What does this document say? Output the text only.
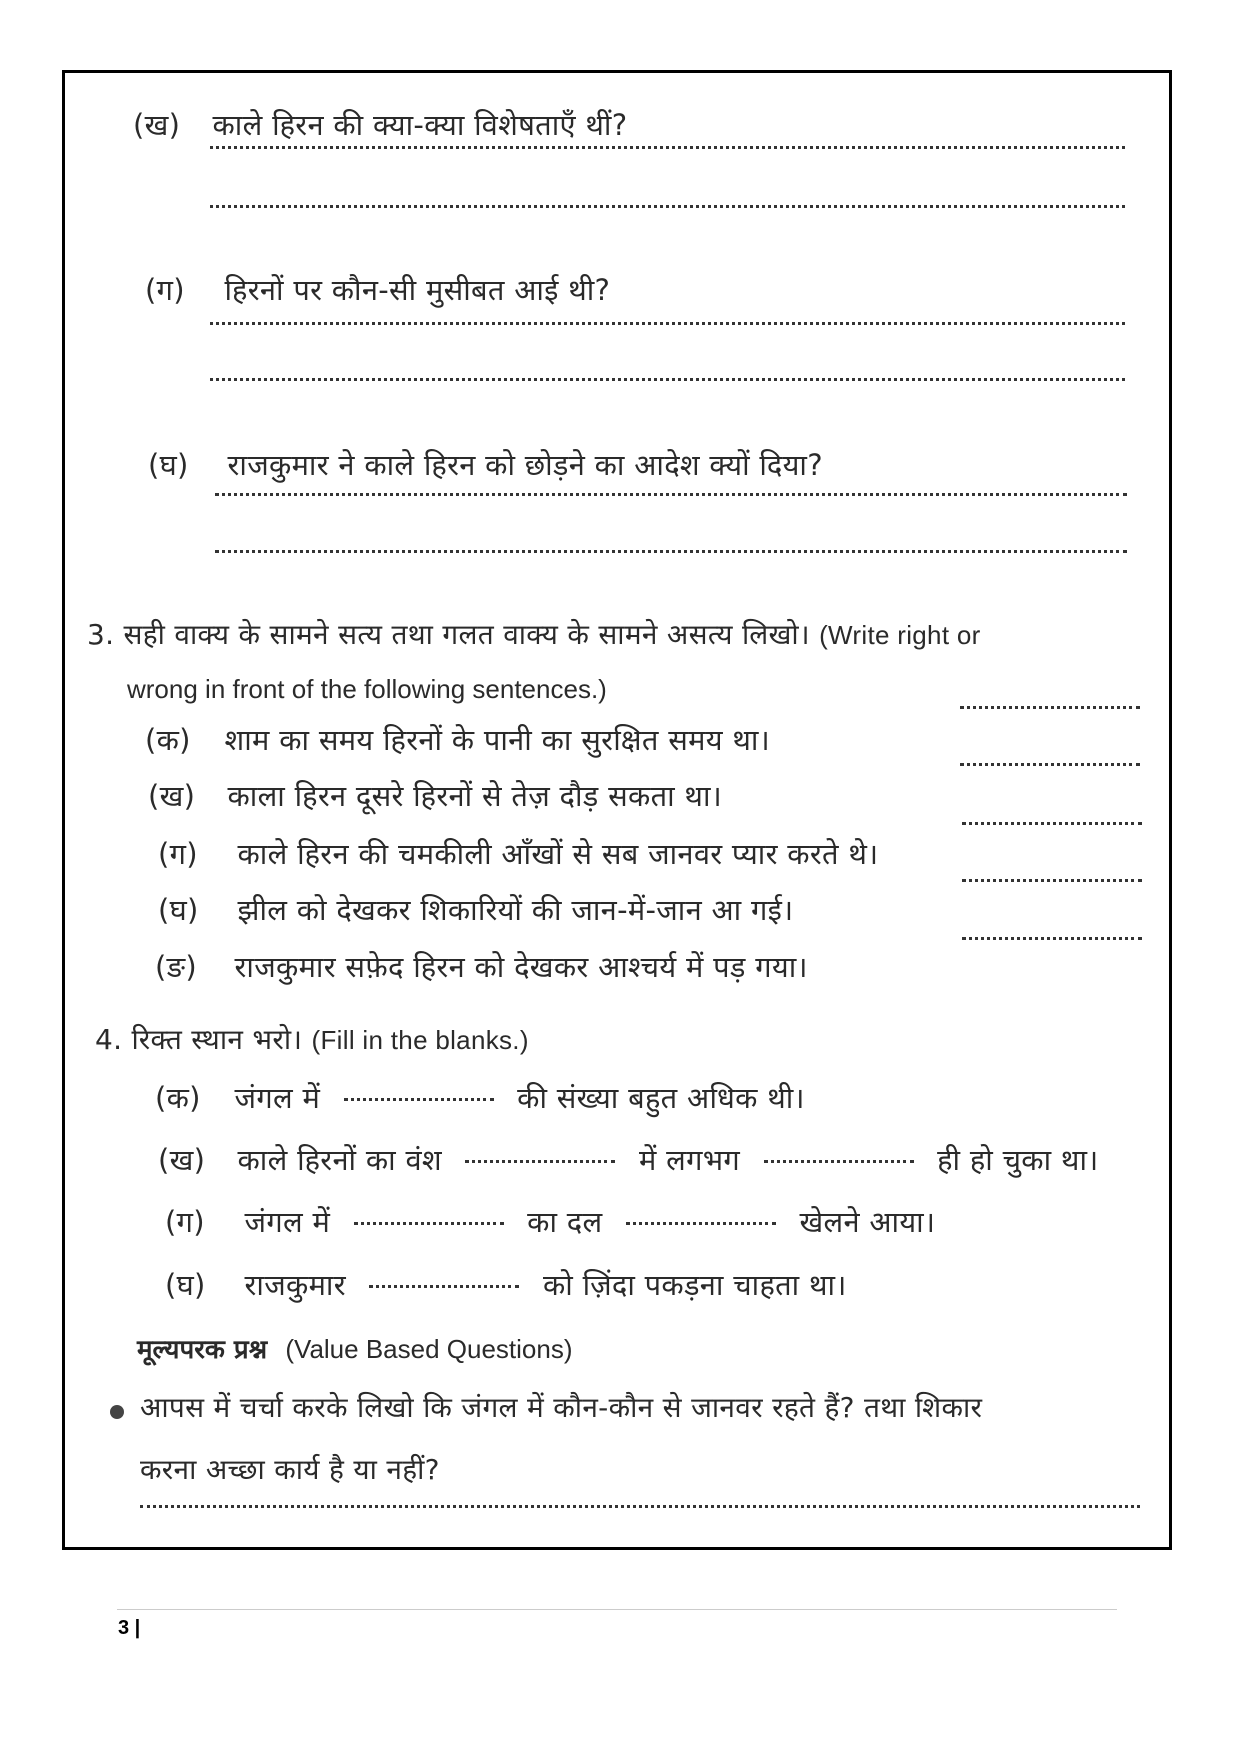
(ख) काले हिरन की क्या-क्या विशेषताएँ थीं?
(ग) हिरनों पर कौन-सी मुसीबत आई थी?
(घ) राजकुमार ने काले हिरन को छोड़ने का आदेश क्यों दिया?
3. सही वाक्य के सामने सत्य तथा गलत वाक्य के सामने असत्य लिखो। (Write right or
wrong in front of the following sentences.)
(क) शाम का समय हिरनों के पानी का सुरक्षित समय था।
(ख) काला हिरन दूसरे हिरनों से तेज़ दौड़ सकता था।
(ग) काले हिरन की चमकीली आँखों से सब जानवर प्यार करते थे।
(घ) झील को देखकर शिकारियों की जान-में-जान आ गई।
(ङ) राजकुमार सफ़ेद हिरन को देखकर आश्चर्य में पड़ गया।
4. रिक्त स्थान भरो। (Fill in the blanks.)
(क) जंगल में	की संख्या बहुत अधिक थी।
(ख) काले हिरनों का वंश	में लगभग	ही हो चुका था।
(ग) जंगल में	का दल	खेलने आया।
(घ) राजकुमार	को ज़िंदा पकड़ना चाहता था।
मूल्यपरक प्रश्न (Value Based Questions)
आपस में चर्चा करके लिखो कि जंगल में कौन-कौन से जानवर रहते हैं? तथा शिकार
करना अच्छा कार्य है या नहीं?
3 |
